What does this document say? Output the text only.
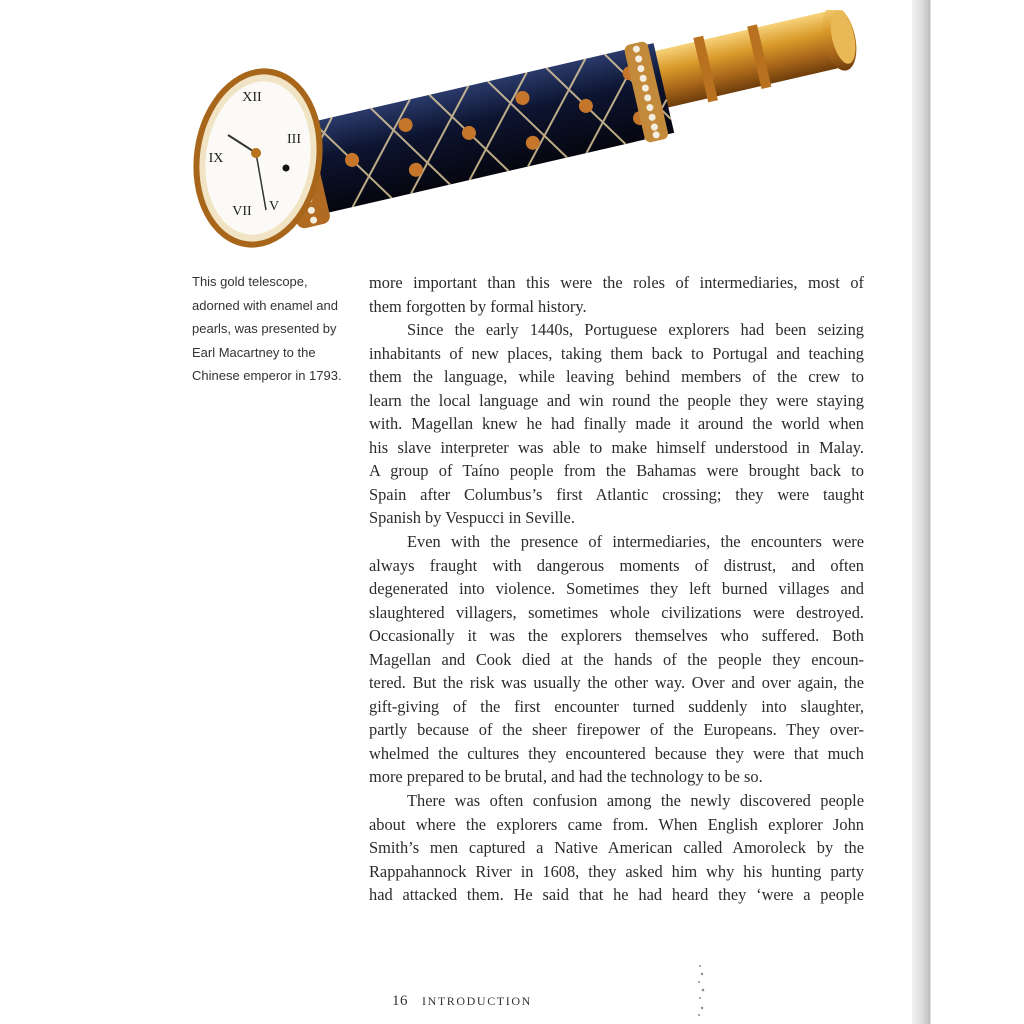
XII
III
V
VII
IX
This gold telescope,
adorned with enamel and
pearls, was presented by
Earl Macartney to the
Chinese emperor in 1793.
more important than this were the roles of intermediaries, most of
them forgotten by formal history.
Since the early 1440s, Portuguese explorers had been seizing
inhabitants of new places, taking them back to Portugal and teaching
them the language, while leaving behind members of the crew to
learn the local language and win round the people they were staying
with. Magellan knew he had finally made it around the world when
his slave interpreter was able to make himself understood in Malay.
A group of Taíno people from the Bahamas were brought back to
Spain after Columbus’s first Atlantic crossing; they were taught
Spanish by Vespucci in Seville.
Even with the presence of intermediaries, the encounters were
always fraught with dangerous moments of distrust, and often
degenerated into violence. Sometimes they left burned villages and
slaughtered villagers, sometimes whole civilizations were destroyed.
Occasionally it was the explorers themselves who suffered. Both
Magellan and Cook died at the hands of the people they encoun-
tered. But the risk was usually the other way. Over and over again, the
gift-giving of the first encounter turned suddenly into slaughter,
partly because of the sheer firepower of the Europeans. They over-
whelmed the cultures they encountered because they were that much
more prepared to be brutal, and had the technology to be so.
There was often confusion among the newly discovered people
about where the explorers came from. When English explorer John
Smith’s men captured a Native American called Amoroleck by the
Rappahannock River in 1608, they asked him why his hunting party
had attacked them. He said that he had heard they ‘were a people
16 INTRODUCTION
